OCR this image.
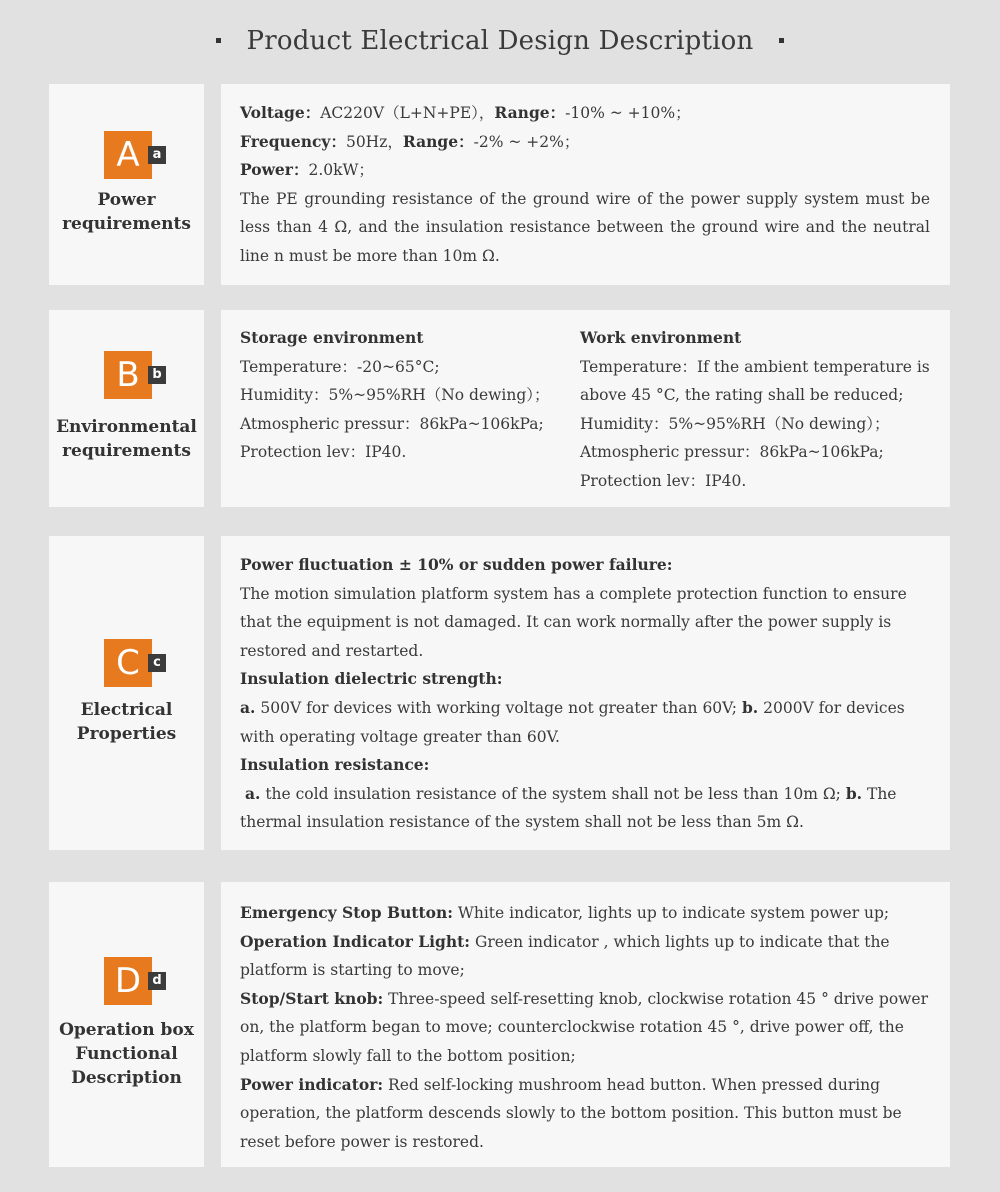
Product Electrical Design Description
A a
Power
requirements
Voltage：AC220V（L+N+PE），Range：-10% ~ +10%；
Frequency：50Hz，Range：-2% ~ +2%；
Power：2.0kW；
The PE grounding resistance of the ground wire of the power supply system must be less than 4 Ω, and the insulation resistance between the ground wire and the neutral line n must be more than 10m Ω.
B b
Environmental
requirements
Storage environment
Temperature：-20~65°C;
Humidity：5%~95%RH（No dewing）；
Atmospheric pressur：86kPa~106kPa;
Protection lev：IP40.
Work environment
Temperature：If the ambient temperature is above 45 °C, the rating shall be reduced;
Humidity：5%~95%RH（No dewing）；
Atmospheric pressur：86kPa~106kPa;
Protection lev：IP40.
C	c
Electrical
Properties
Power fluctuation ± 10% or sudden power failure:
The motion simulation platform system has a complete protection function to ensure that the equipment is not damaged. It can work normally after the power supply is restored and restarted.
Insulation dielectric strength:
a. 500V for devices with working voltage not greater than 60V; b. 2000V for devices with operating voltage greater than 60V.
Insulation resistance:
a. the cold insulation resistance of the system shall not be less than 10m Ω; b. The thermal insulation resistance of the system shall not be less than 5m Ω.
D d
Operation box
Functional
Description
Emergency Stop Button: White indicator, lights up to indicate system power up;
Operation Indicator Light: Green indicator , which lights up to indicate that the platform is starting to move;
Stop/Start knob: Three-speed self-resetting knob, clockwise rotation 45 ° drive power on, the platform began to move; counterclockwise rotation 45 °, drive power off, the platform slowly fall to the bottom position;
Power indicator: Red self-locking mushroom head button. When pressed during operation, the platform descends slowly to the bottom position. This button must be reset before power is restored.
